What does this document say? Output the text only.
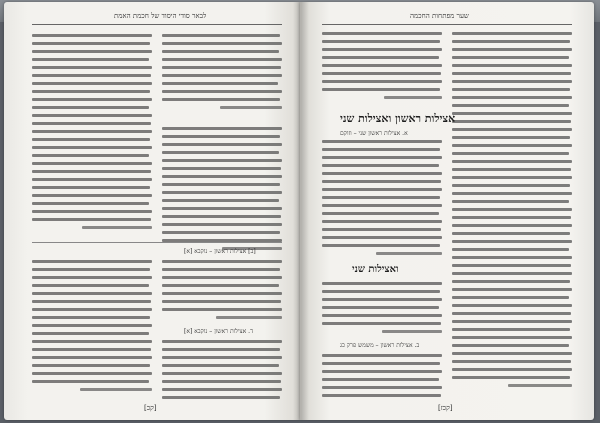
לבאר סודי היסוד של חכמת האמת
[ב] אצילות ראשון – נוקבא [א]
ד. אצילות ראשון – נוקבא [א]
[קכ]
שער מפתחות החכמה
אצילות ראשון ואצילות שני
א. אצילות ראשון שני – וזוקם
ואצילות שני
ב. אצילות ראשון – משמש פרק כג
[קכז]
